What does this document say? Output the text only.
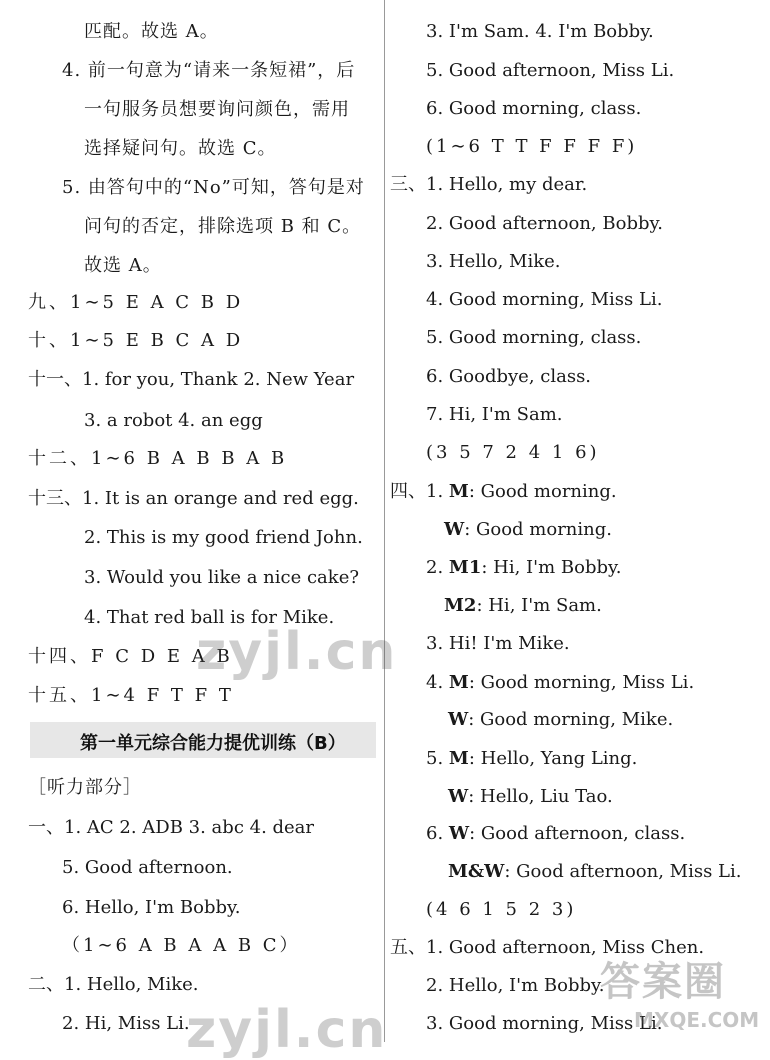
匹配。故选 A。
4. 前一句意为“请来一条短裙”，后
一句服务员想要询问颜色，需用
选择疑问句。故选 C。
5. 由答句中的“No”可知，答句是对
问句的否定，排除选项 B 和 C。
故选 A。
九、1∼5 E A C B D
十、1∼5 E B C A D
十一、1. for you, Thank 2. New Year
3. a robot 4. an egg
十二、1∼6 B A B B A B
十三、1. It is an orange and red egg.
2. This is my good friend John.
3. Would you like a nice cake?
4. That red ball is for Mike.
十四、F C D E A B
十五、1∼4 F T F T
第一单元综合能力提优训练（B）
［听力部分］
一、1. AC 2. ADB 3. abc 4. dear
5. Good afternoon.
6. Hello, I'm Bobby.
（1∼6 A B A A B C）
二、1. Hello, Mike.
2. Hi, Miss Li.
3. I'm Sam. 4. I'm Bobby.
5. Good afternoon, Miss Li.
6. Good morning, class.
(1∼6 T T F F F F)
三、1. Hello, my dear.
2. Good afternoon, Bobby.
3. Hello, Mike.
4. Good morning, Miss Li.
5. Good morning, class.
6. Goodbye, class.
7. Hi, I'm Sam.
(3 5 7 2 4 1 6)
四、1. M: Good morning.
W: Good morning.
2. M1: Hi, I'm Bobby.
M2: Hi, I'm Sam.
3. Hi! I'm Mike.
4. M: Good morning, Miss Li.
W: Good morning, Mike.
5. M: Hello, Yang Ling.
W: Hello, Liu Tao.
6. W: Good afternoon, class.
M&W: Good afternoon, Miss Li.
(4 6 1 5 2 3)
五、1. Good afternoon, Miss Chen.
2. Hello, I'm Bobby.
3. Good morning, Miss Li.
zyjl.cn
zyjl.cn
答案圈
MXQE.COM
